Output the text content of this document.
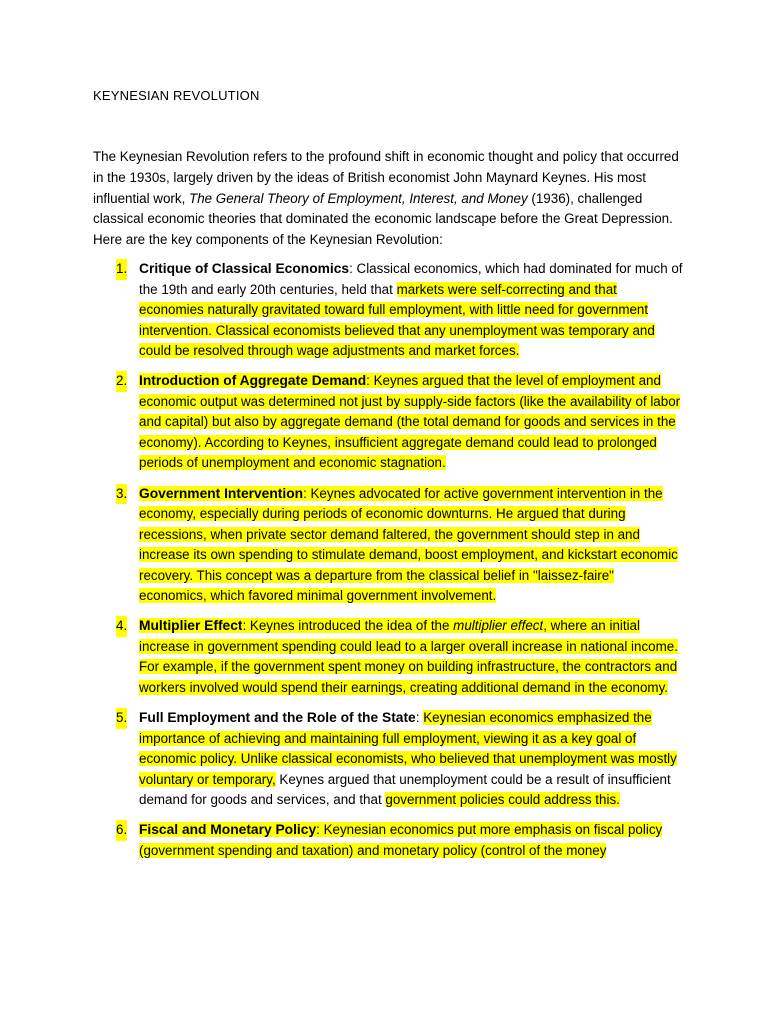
KEYNESIAN REVOLUTION

The Keynesian Revolution refers to the profound shift in economic thought and policy that occurred in the 1930s, largely driven by the ideas of British economist John Maynard Keynes. His most influential work, The General Theory of Employment, Interest, and Money (1936), challenged classical economic theories that dominated the economic landscape before the Great Depression. Here are the key components of the Keynesian Revolution:

1. Critique of Classical Economics: Classical economics, which had dominated for much of the 19th and early 20th centuries, held that markets were self-correcting and that economies naturally gravitated toward full employment, with little need for government intervention. Classical economists believed that any unemployment was temporary and could be resolved through wage adjustments and market forces.
2. Introduction of Aggregate Demand: Keynes argued that the level of employment and economic output was determined not just by supply-side factors (like the availability of labor and capital) but also by aggregate demand (the total demand for goods and services in the economy). According to Keynes, insufficient aggregate demand could lead to prolonged periods of unemployment and economic stagnation.
3. Government Intervention: Keynes advocated for active government intervention in the economy, especially during periods of economic downturns. He argued that during recessions, when private sector demand faltered, the government should step in and increase its own spending to stimulate demand, boost employment, and kickstart economic recovery. This concept was a departure from the classical belief in "laissez-faire" economics, which favored minimal government involvement.
4. Multiplier Effect: Keynes introduced the idea of the multiplier effect, where an initial increase in government spending could lead to a larger overall increase in national income. For example, if the government spent money on building infrastructure, the contractors and workers involved would spend their earnings, creating additional demand in the economy.
5. Full Employment and the Role of the State: Keynesian economics emphasized the importance of achieving and maintaining full employment, viewing it as a key goal of economic policy. Unlike classical economists, who believed that unemployment was mostly voluntary or temporary, Keynes argued that unemployment could be a result of insufficient demand for goods and services, and that government policies could address this.
6. Fiscal and Monetary Policy: Keynesian economics put more emphasis on fiscal policy (government spending and taxation) and monetary policy (control of the money
